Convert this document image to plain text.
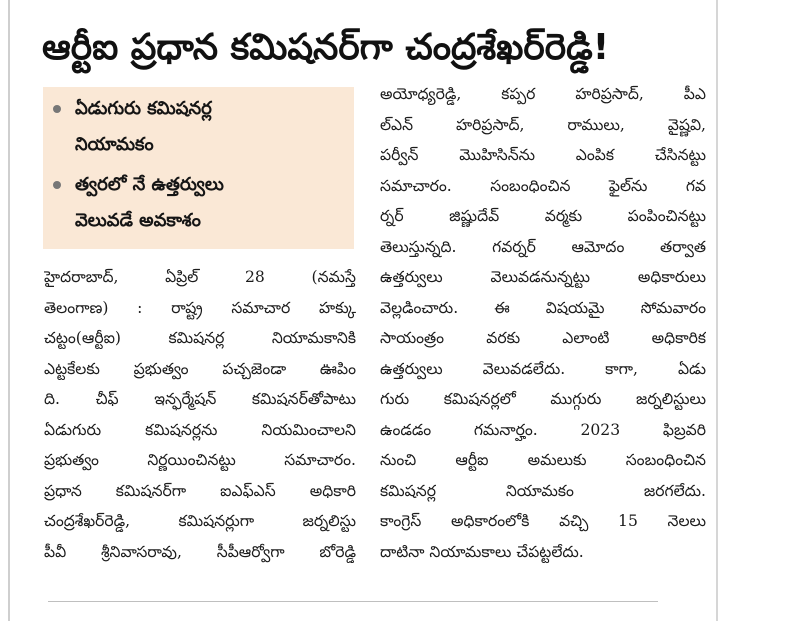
ఆర్టీఐ ప్రధాన కమిషనర్‌గా చంద్రశేఖర్‌రెడ్డి!
ఏడుగురు కమిషనర్ల
నియామకం
త్వరలో నే ఉత్తర్వులు
వెలువడే అవకాశం
హైదరాబాద్, ఏప్రిల్ 28 (నమస్తే
తెలంగాణ) : రాష్ట్ర సమాచార హక్కు
చట్టం(ఆర్టీఐ) కమిషనర్ల నియామకానికి
ఎట్టకేలకు ప్రభుత్వం పచ్చజెండా ఊపిం
ది. చీఫ్ ఇన్ఫర్మేషన్ కమిషనర్‌తోపాటు
ఏడుగురు కమిషనర్లను నియమించాలని
ప్రభుత్వం నిర్ణయించినట్టు సమాచారం.
ప్రధాన కమిషనర్‌గా ఐఎఫ్ఎస్ అధికారి
చంద్రశేఖర్‌రెడ్డి, కమిషనర్లుగా జర్నలిస్టు
పీవీ శ్రీనివాసరావు, సీపీఆర్వోగా బోరెడ్డి
అయోధ్యరెడ్డి, కప్పర హరిప్రసాద్, పీఎ
ల్ఎన్ హరిప్రసాద్, రాములు, వైష్ణవి,
పర్వీన్ మొహిసిన్‌ను ఎంపిక చేసినట్టు
సమాచారం. సంబంధించిన ఫైల్‌ను గవ
ర్నర్ జిష్ణుదేవ్ వర్మకు పంపించినట్టు
తెలుస్తున్నది. గవర్నర్ ఆమోదం తర్వాత
ఉత్తర్వులు వెలువడనున్నట్టు అధికారులు
వెల్లడించారు. ఈ విషయమై సోమవారం
సాయంత్రం వరకు ఎలాంటి అధికారిక
ఉత్తర్వులు వెలువడలేదు. కాగా, ఏడు
గురు కమిషనర్లలో ముగ్గురు జర్నలిస్టులు
ఉండడం గమనార్హం. 2023 ఫిబ్రవరి
నుంచి ఆర్టీఐ అమలుకు సంబంధించిన
కమిషనర్ల నియామకం జరగలేదు.
కాంగ్రెస్ అధికారంలోకి వచ్చి 15 నెలలు
దాటినా నియామకాలు చేపట్టలేదు.
